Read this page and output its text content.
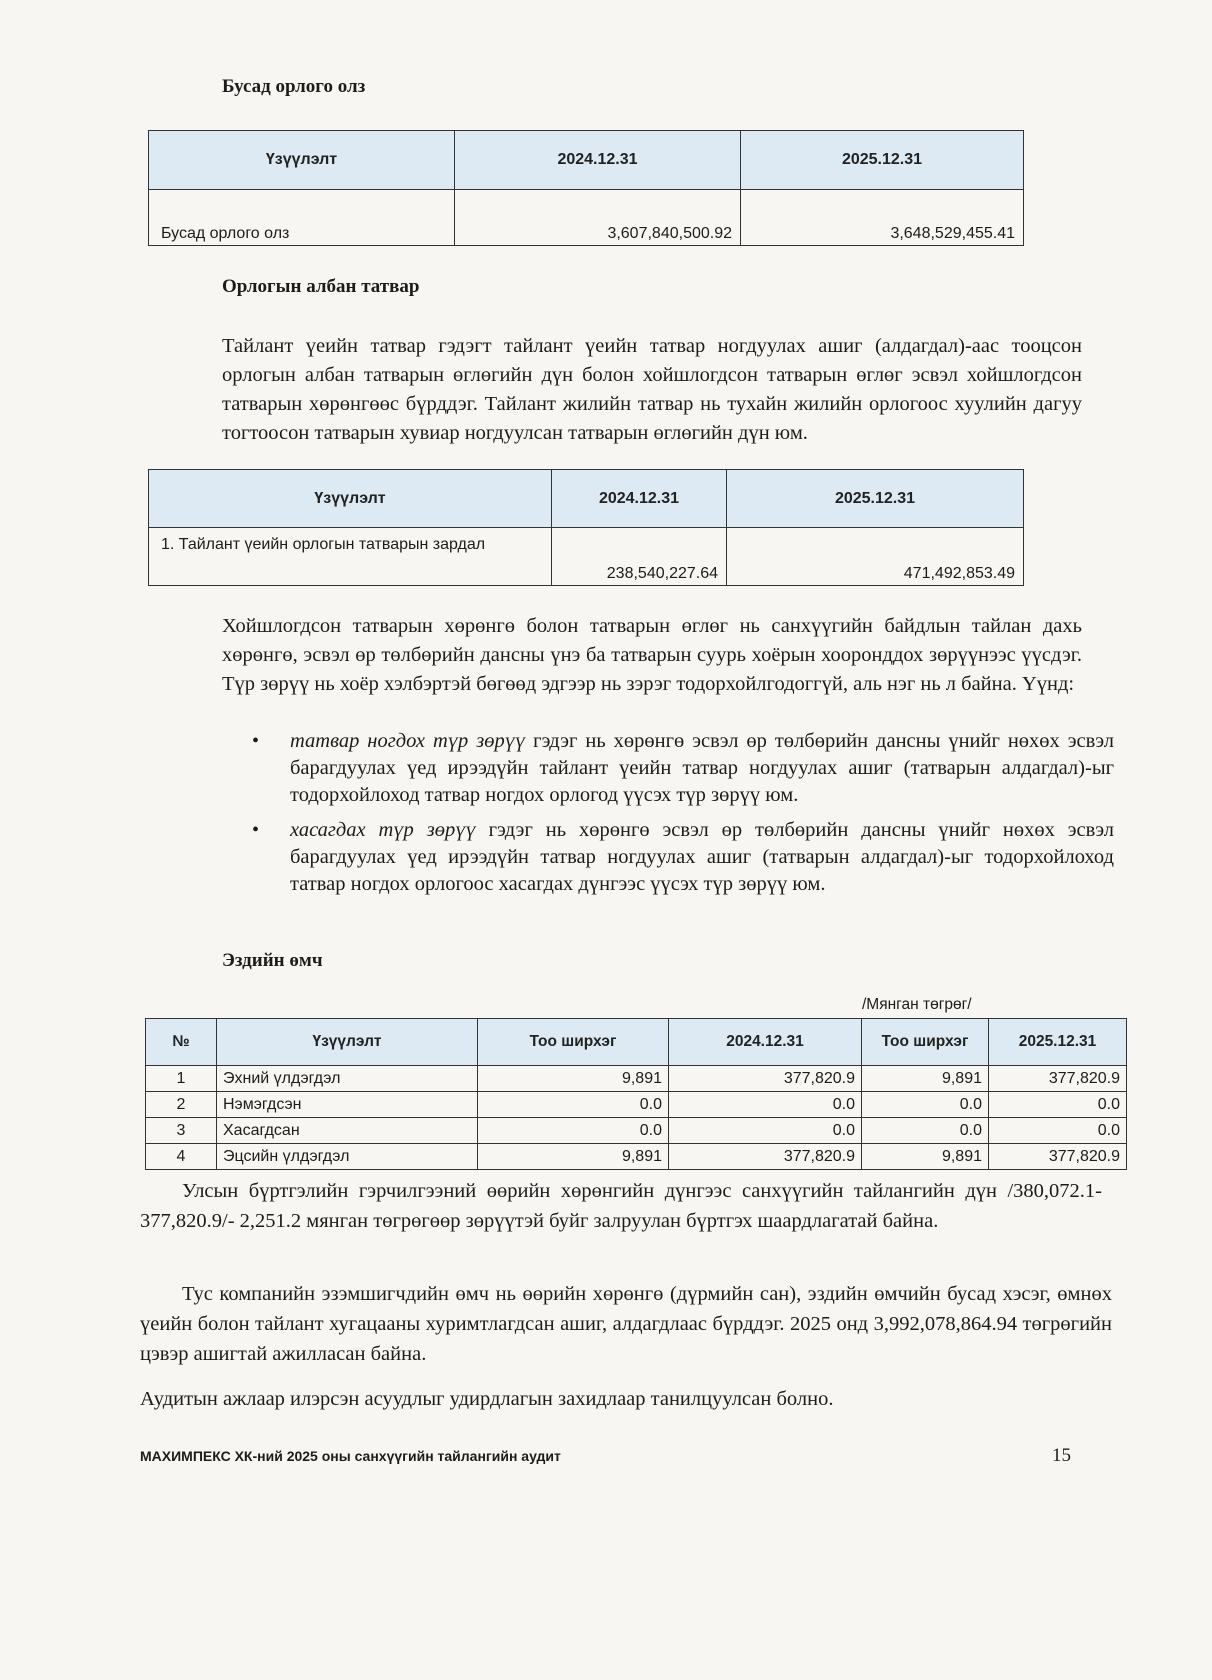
Бусад орлого олз
Үзүүлэлт	2024.12.31	2025.12.31
Бусад орлого олз	3,607,840,500.92	3,648,529,455.41
Орлогын албан татвар
Тайлант үеийн татвар гэдэгт тайлант үеийн татвар ногдуулах ашиг (алдагдал)-аас тооцсон орлогын албан татварын өглөгийн дүн болон хойшлогдсон татварын өглөг эсвэл хойшлогдсон татварын хөрөнгөөс бүрддэг. Тайлант жилийн татвар нь тухайн жилийн орлогоос хуулийн дагуу тогтоосон татварын хувиар ногдуулсан татварын өглөгийн дүн юм.
Үзүүлэлт	2024.12.31	2025.12.31
1. Тайлант үеийн орлогын татварын зардал	238,540,227.64	471,492,853.49
Хойшлогдсон татварын хөрөнгө болон татварын өглөг нь санхүүгийн байдлын тайлан дахь хөрөнгө, эсвэл өр төлбөрийн дансны үнэ ба татварын суурь хоёрын хооронддох зөрүүнээс үүсдэг. Түр зөрүү нь хоёр хэлбэртэй бөгөөд эдгээр нь зэрэг тодорхойлгодоггүй, аль нэг нь л байна. Үүнд:
• татвар ногдох түр зөрүү гэдэг нь хөрөнгө эсвэл өр төлбөрийн дансны үнийг нөхөх эсвэл барагдуулах үед ирээдүйн тайлант үеийн татвар ногдуулах ашиг (татварын алдагдал)-ыг тодорхойлоход татвар ногдох орлогод үүсэх түр зөрүү юм.
• хасагдах түр зөрүү гэдэг нь хөрөнгө эсвэл өр төлбөрийн дансны үнийг нөхөх эсвэл барагдуулах үед ирээдүйн татвар ногдуулах ашиг (татварын алдагдал)-ыг тодорхойлоход татвар ногдох орлогоос хасагдах дүнгээс үүсэх түр зөрүү юм.
Эздийн өмч
/Мянган төгрөг/
№	Үзүүлэлт	Тоо ширхэг	2024.12.31	Тоо ширхэг	2025.12.31
1	Эхний үлдэгдэл	9,891	377,820.9	9,891	377,820.9
2	Нэмэгдсэн	0.0	0.0	0.0	0.0
3	Хасагдсан	0.0	0.0	0.0	0.0
4	Эцсийн үлдэгдэл	9,891	377,820.9	9,891	377,820.9
Улсын бүртгэлийн гэрчилгээний өөрийн хөрөнгийн дүнгээс санхүүгийн тайлангийн дүн /380,072.1-377,820.9/- 2,251.2 мянган төгрөгөөр зөрүүтэй буйг залруулан бүртгэх шаардлагатай байна.
Тус компанийн эзэмшигчдийн өмч нь өөрийн хөрөнгө (дүрмийн сан), эздийн өмчийн бусад хэсэг, өмнөх үеийн болон тайлант хугацааны хуримтлагдсан ашиг, алдагдлаас бүрддэг. 2025 онд 3,992,078,864.94 төгрөгийн цэвэр ашигтай ажилласан байна.
Аудитын ажлаар илэрсэн асуудлыг удирдлагын захидлаар танилцуулсан болно.
МАХИМПЕКС ХК-ний 2025 оны санхүүгийн тайлангийн аудит	15
